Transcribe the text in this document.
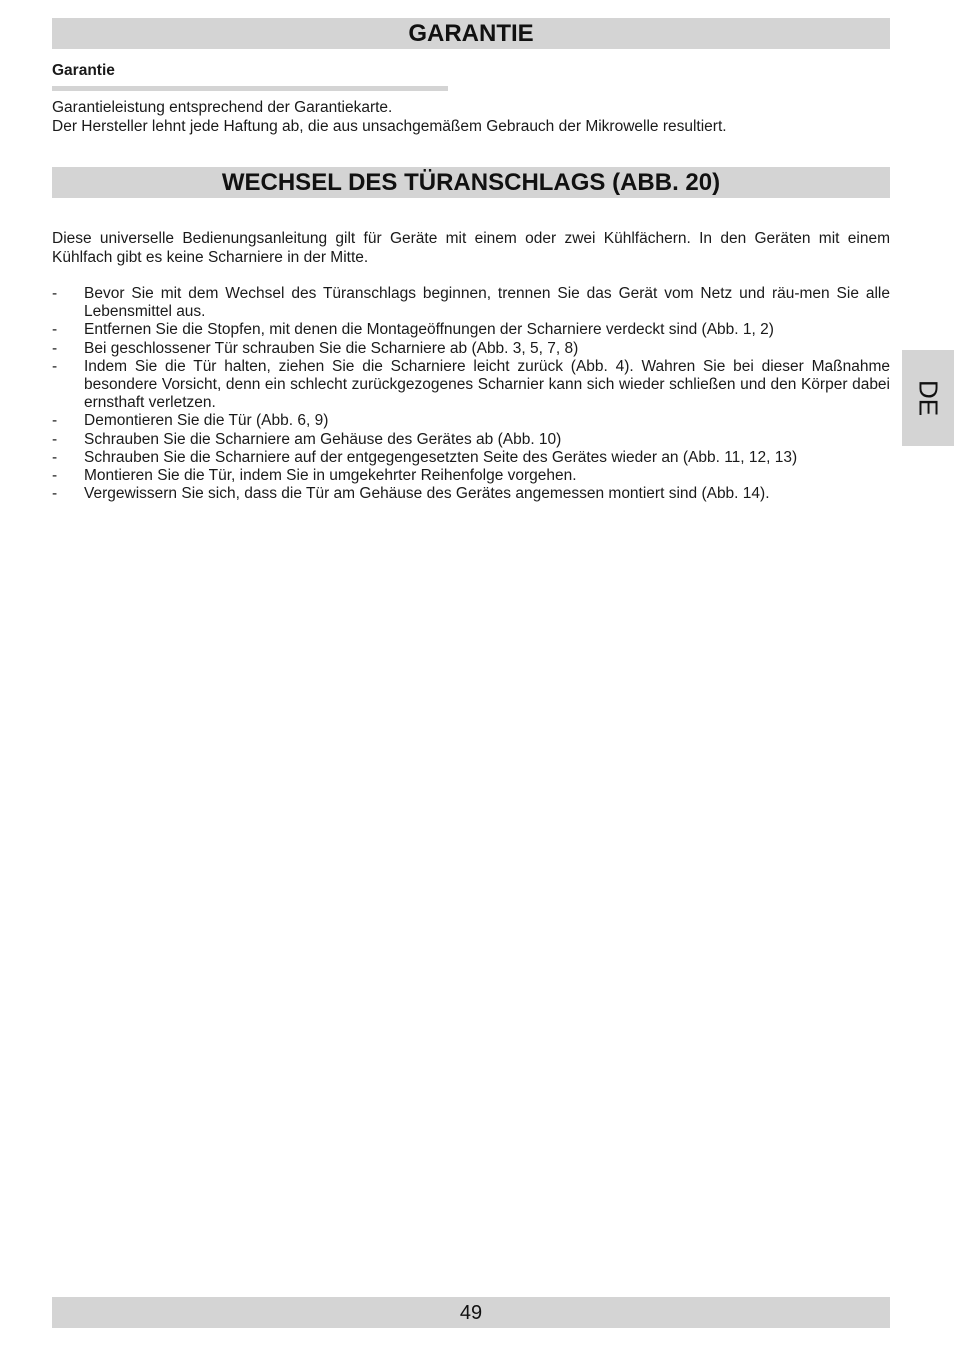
GARANTIE
Garantie
Garantieleistung entsprechend der Garantiekarte.
Der Hersteller lehnt jede Haftung ab, die aus unsachgemäßem Gebrauch der Mikrowelle resultiert.
WECHSEL DES TÜRANSCHLAGS (ABB. 20)

Diese universelle Bedienungsanleitung gilt für Geräte mit einem oder zwei Kühlfächern. In den Geräten mit einem Kühlfach gibt es keine Scharniere in der Mitte.

- Bevor Sie mit dem Wechsel des Türanschlags beginnen, trennen Sie das Gerät vom Netz und räu-men Sie alle Lebensmittel aus.
- Entfernen Sie die Stopfen, mit denen die Montageöffnungen der Scharniere verdeckt sind (Abb. 1, 2)
- Bei geschlossener Tür schrauben Sie die Scharniere ab (Abb. 3, 5, 7, 8)
- Indem Sie die Tür halten, ziehen Sie die Scharniere leicht zurück (Abb. 4). Wahren Sie bei dieser Maßnahme besondere Vorsicht, denn ein schlecht zurückgezogenes Scharnier kann sich wieder schließen und den Körper dabei ernsthaft verletzen.
- Demontieren Sie die Tür (Abb. 6, 9)
- Schrauben Sie die Scharniere am Gehäuse des Gerätes ab (Abb. 10)
- Schrauben Sie die Scharniere auf der entgegengesetzten Seite des Gerätes wieder an (Abb. 11, 12, 13)
- Montieren Sie die Tür, indem Sie in umgekehrter Reihenfolge vorgehen.
- Vergewissern Sie sich, dass die Tür am Gehäuse des Gerätes angemessen montiert sind (Abb. 14).
DE
49
